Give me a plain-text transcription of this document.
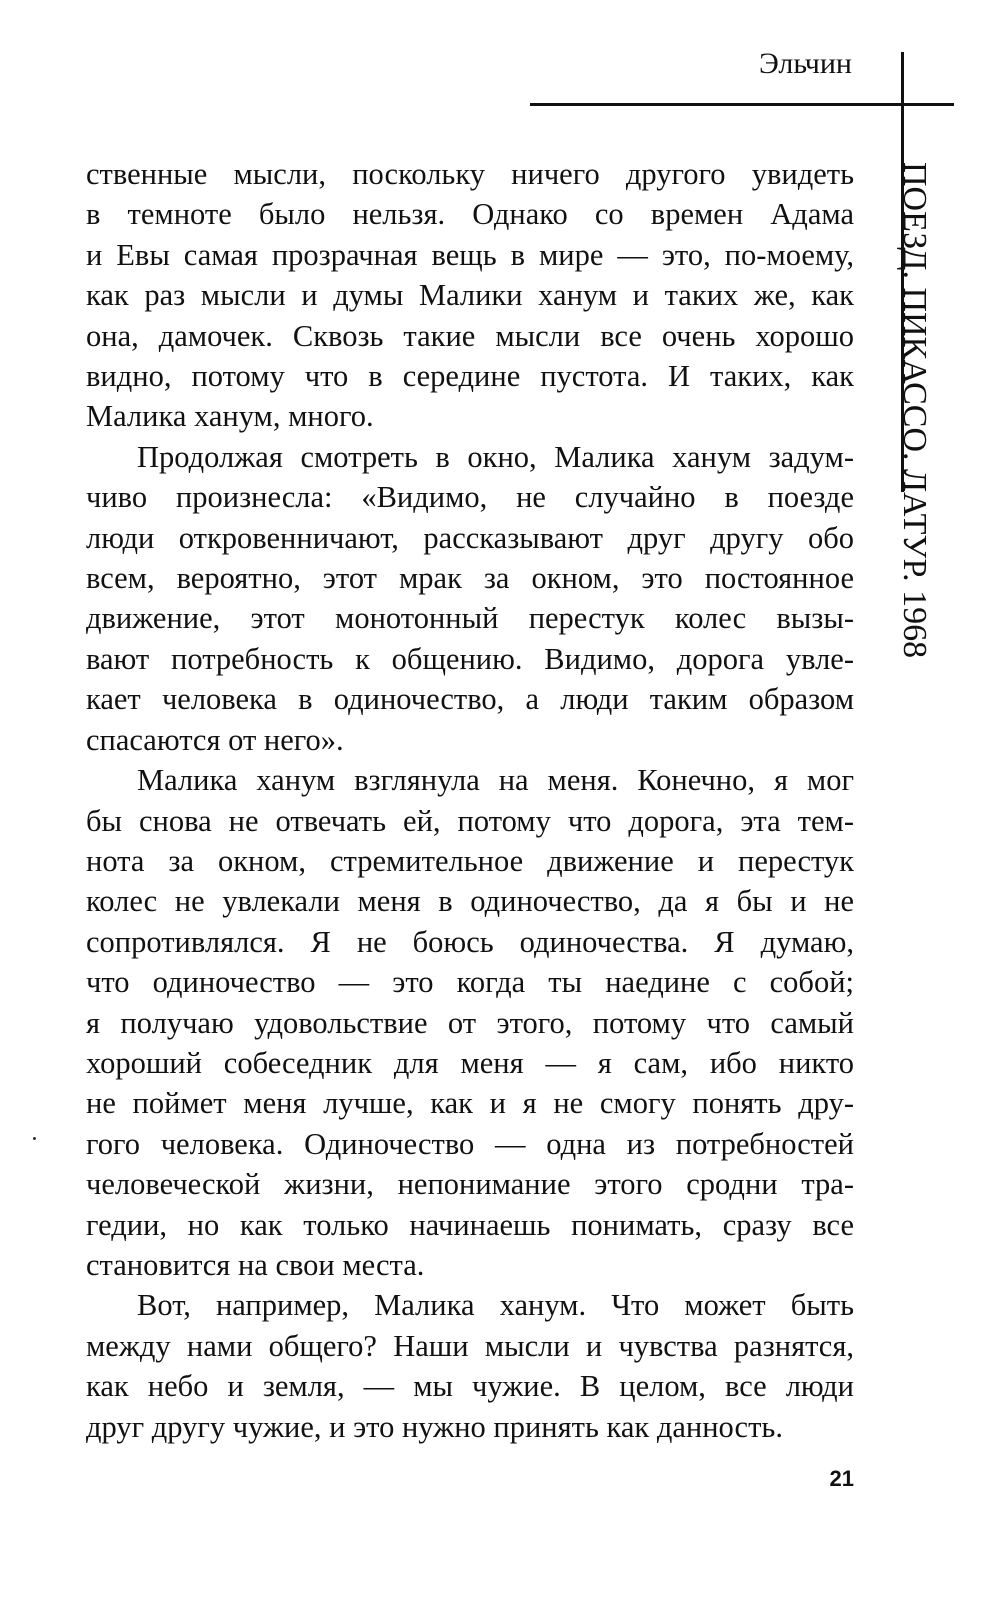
Эльчин
ПОЕЗД. ПИКАССО. ЛАТУР. 1968
ственные мысли, поскольку ничего другого увидеть
в темноте было нельзя. Однако со времен Адама
и Евы самая прозрачная вещь в мире — это, по-моему,
как раз мысли и думы Малики ханум и таких же, как
она, дамочек. Сквозь такие мысли все очень хорошо
видно, потому что в середине пустота. И таких, как
Малика ханум, много.
Продолжая смотреть в окно, Малика ханум задум-
чиво произнесла: «Видимо, не случайно в поезде
люди откровенничают, рассказывают друг другу обо
всем, вероятно, этот мрак за окном, это постоянное
движение, этот монотонный перестук колес вызы-
вают потребность к общению. Видимо, дорога увле-
кает человека в одиночество, а люди таким образом
спасаются от него».
Малика ханум взглянула на меня. Конечно, я мог
бы снова не отвечать ей, потому что дорога, эта тем-
нота за окном, стремительное движение и перестук
колес не увлекали меня в одиночество, да я бы и не
сопротивлялся. Я не боюсь одиночества. Я думаю,
что одиночество — это когда ты наедине с собой;
я получаю удовольствие от этого, потому что самый
хороший собеседник для меня — я сам, ибо никто
не поймет меня лучше, как и я не смогу понять дру-
гого человека. Одиночество — одна из потребностей
человеческой жизни, непонимание этого сродни тра-
гедии, но как только начинаешь понимать, сразу все
становится на свои места.
Вот, например, Малика ханум. Что может быть
между нами общего? Наши мысли и чувства разнятся,
как небо и земля, — мы чужие. В целом, все люди
друг другу чужие, и это нужно принять как данность.
21
